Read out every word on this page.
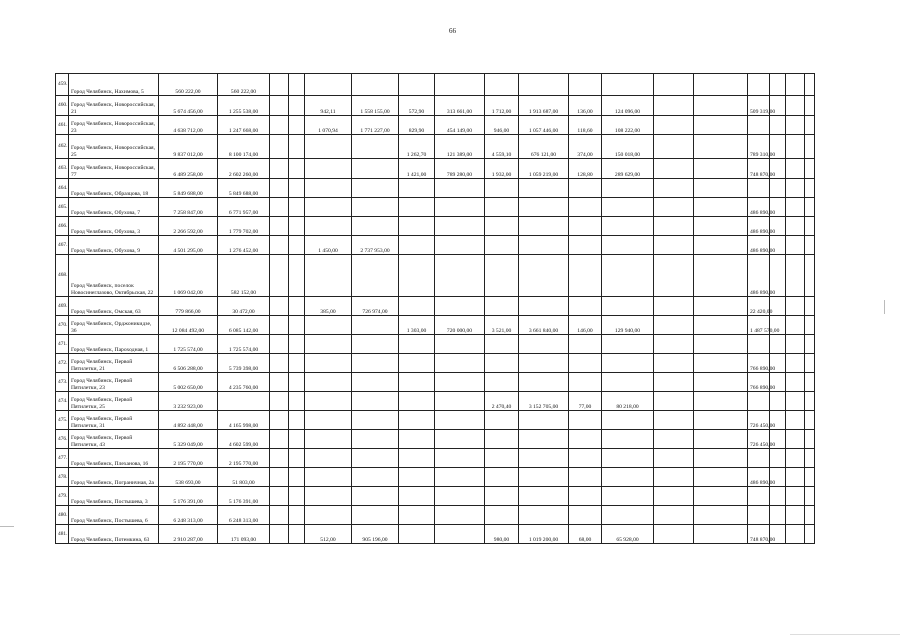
66
459.	Город Челябинск, Нахимова, 5	560 222,00	560 222,00																
460.	Город Челябинск, Новороссийская, 21	5 674 456,00	1 255 538,00			942,11	1 558 155,00	572,90	313 661,00	1 712,00	1 913 687,00	136,00	124 096,00			509 319,00			
461.	Город Челябинск, Новороссийская, 23	4 638 712,00	1 247 668,00			1 070,94	1 771 227,00	829,90	454 149,00	946,00	1 057 446,00	118,60	108 222,00						
462.	Город Челябинск, Новороссийская, 25	9 837 012,00	8 100 174,00					1 262,70	121 389,00	4 559,10	676 121,00	374,00	150 018,00			789 310,00			
463.	Город Челябинск, Новороссийская, 77	6 489 258,00	2 602 260,00					1 421,00	789 280,00	1 932,00	1 059 219,00	128,80	289 629,00			748 870,00			
464.	Город Челябинск, Образцова, 18	5 849 688,00	5 849 688,00																
465.	Город Челябинск, Обухова, 7	7 258 847,00	6 771 957,00													486 890,00			
466.	Город Челябинск, Обухова, 3	2 266 592,00	1 779 702,00													486 890,00			
467.	Город Челябинск, Обухова, 9	4 501 295,00	1 276 452,00			1 450,00	2 737 953,00									486 890,00			
468.	Город Челябинск, поселок Новосинеглазово, Октябрьская, 22	1 069 042,00	582 152,00													486 890,00			
469.	Город Челябинск, Омская, 63	779 866,00	30 472,00			385,00	726 974,00									22 420,00			
470.	Город Челябинск, Орджоникидзе, 36	12 084 492,00	6 085 142,00					1 303,00	720 000,00	3 521,00	3 661 840,00	146,00	129 940,00			1 487 570,00			
471.	Город Челябинск, Пароходная, 1	1 725 574,00	1 725 574,00																
472.	Город Челябинск, Первой Пятилетки, 21	6 506 288,00	5 739 398,00													766 890,00			
473.	Город Челябинск, Первой Пятилетки, 23	5 002 650,00	4 235 760,00													766 890,00			
474.	Город Челябинск, Первой Пятилетки, 25	3 232 923,00								2 470,40	3 152 705,00	77,00	80 218,00						
475.	Город Челябинск, Первой Пятилетки, 31	4 892 448,00	4 165 998,00													726 450,00			
476.	Город Челябинск, Первой Пятилетки, 43	5 329 049,00	4 602 599,00													726 450,00			
477.	Город Челябинск, Плеханова, 16	2 195 770,00	2 195 770,00																
478.	Город Челябинск, Пограничная, 2а	538 693,00	51 803,00													486 890,00			
479.	Город Челябинск, Постышева, 3	5 176 391,00	5 176 391,00																
480.	Город Челябинск, Постышева, 6	6 248 313,00	6 248 313,00																
481.	Город Челябинск, Потемкина, 63	2 910 287,00	171 093,00			512,00	905 196,00			980,00	1 019 200,00	68,00	65 928,00			748 870,00			
